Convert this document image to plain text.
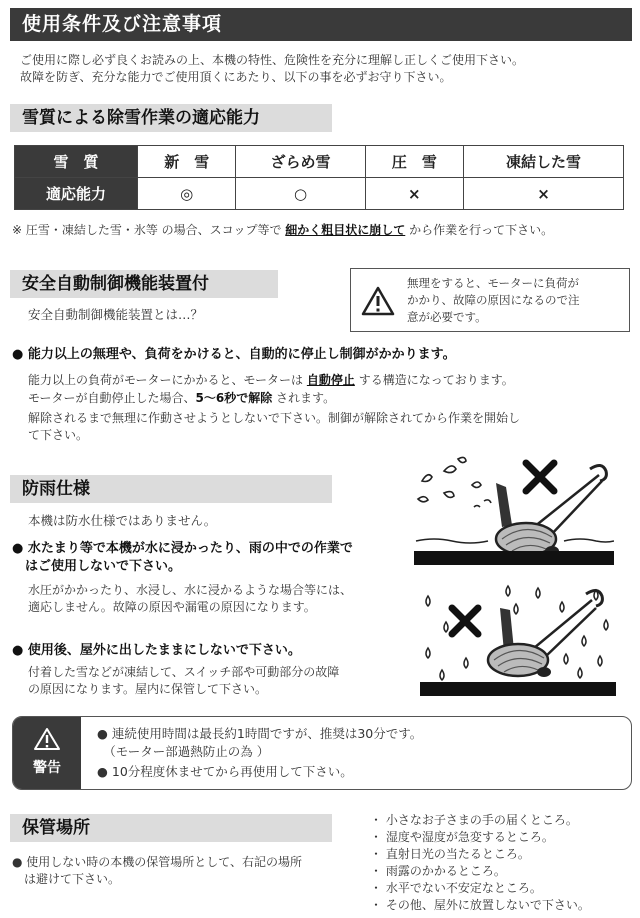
使用条件及び注意事項
ご使用に際し必ず良くお読みの上、本機の特性、危険性を充分に理解し正しくご使用下さい。
故障を防ぎ、充分な能力でご使用頂くにあたり、以下の事を必ずお守り下さい。
雪質による除雪作業の適応能力
雪　質	新　雪	ざらめ雪	圧　雪	凍結した雪
適応能力	◎	○	×	×
※ 圧雪・凍結した雪・氷等 の場合、スコップ等で 細かく粗目状に崩して から作業を行って下さい。
安全自動制御機能装置付
安全自動制御機能装置とは…？
無理をすると、モーターに負荷が
かかり、故障の原因になるので注
意が必要です。
● 能力以上の無理や、負荷をかけると、自動的に停止し制御がかかります。
能力以上の負荷がモーターにかかると、モーターは 自動停止 する構造になっております。
モーターが自動停止した場合、5～6秒で解除 されます。
解除されるまで無理に作動させようとしないで下さい。制御が解除されてから作業を開始し
て下さい。
防雨仕様
本機は防水仕様ではありません。
● 水たまり等で本機が水に浸かったり、雨の中での作業で
　はご使用しないで下さい。
水圧がかかったり、水浸し、水に浸かるような場合等には、
適応しません。故障の原因や漏電の原因になります。
● 使用後、屋外に出したままにしないで下さい。
付着した雪などが凍結して、スイッチ部や可動部分の故障
の原因になります。屋内に保管して下さい。
警告
● 連続使用時間は最長約1時間ですが、推奨は30分です。
　（モーター部過熱防止の為 ）
● 10分程度休ませてから再使用して下さい。
保管場所
● 使用しない時の本機の保管場所として、右記の場所
　は避けて下さい。
・ 小さなお子さまの手の届くところ。
・ 湿度や湿度が急変するところ。
・ 直射日光の当たるところ。
・ 雨露のかかるところ。
・ 水平でない不安定なところ。
・ その他、屋外に放置しないで下さい。
